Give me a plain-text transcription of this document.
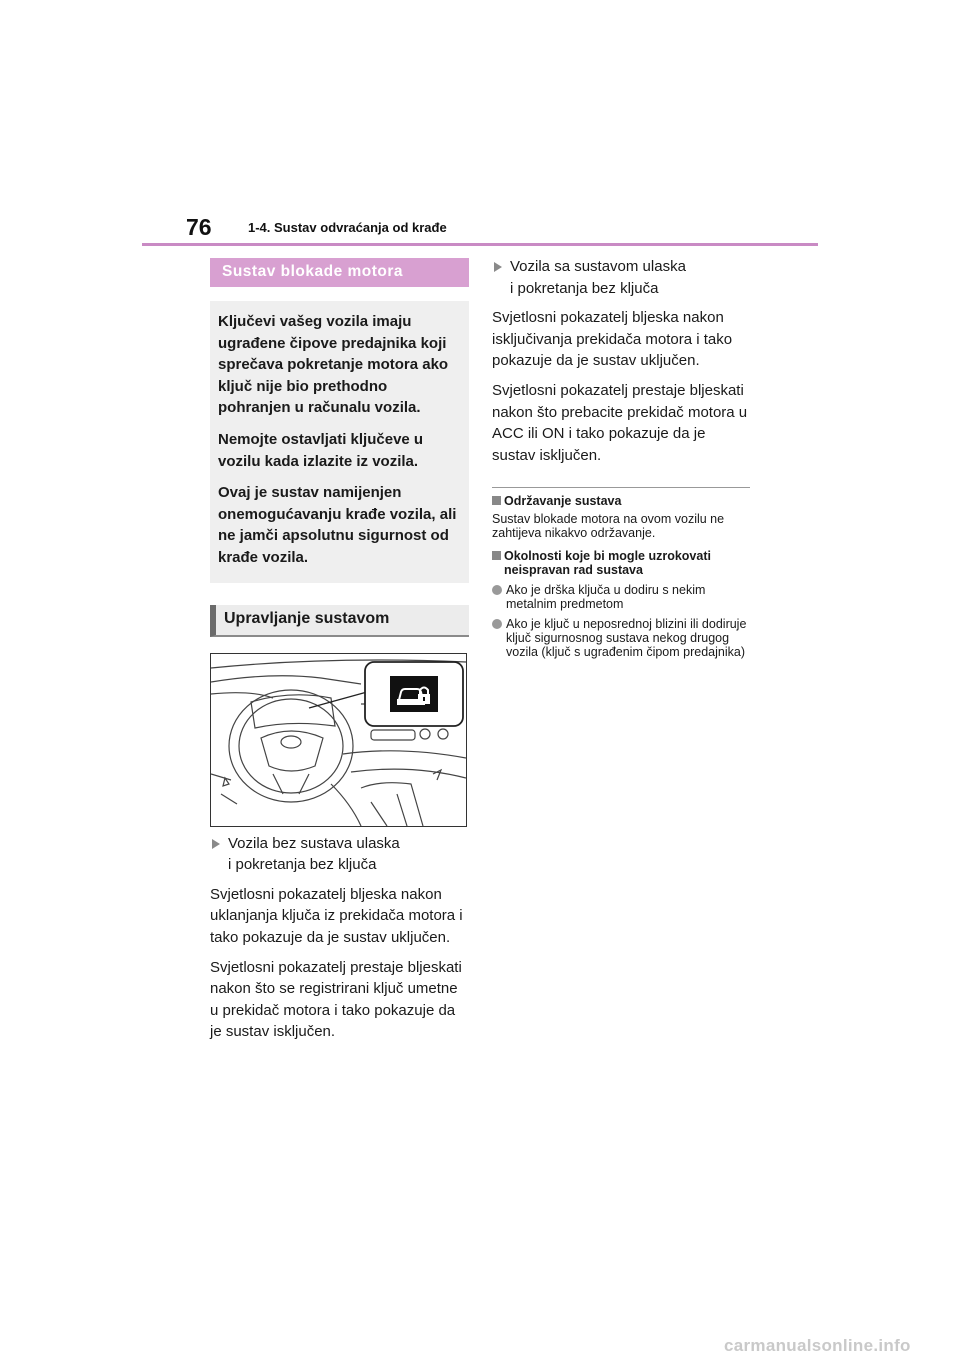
76	1-4. Sustav odvraćanja od krađe
Sustav blokade motora

Ključevi vašeg vozila imaju ugrađene čipove predajnika koji sprečava pokretanje motora ako ključ nije bio prethodno pohranjen u računalu vozila.

Nemojte ostavljati ključeve u vozilu kada izlazite iz vozila.

Ovaj je sustav namijenjen onemogućavanju krađe vozila, ali ne jamči apsolutnu sigurnost od krađe vozila.

Upravljanje sustavom
Vozila bez sustava ulaska
i pokretanja bez ključa

Svjetlosni pokazatelj bljeska nakon uklanjanja ključa iz prekidača motora i tako pokazuje da je sustav uključen.

Svjetlosni pokazatelj prestaje bljeskati nakon što se registrirani ključ umetne u prekidač motora i tako pokazuje da je sustav isključen.

Vozila sa sustavom ulaska
i pokretanja bez ključa

Svjetlosni pokazatelj bljeska nakon isključivanja prekidača motora i tako pokazuje da je sustav uključen.

Svjetlosni pokazatelj prestaje bljeskati nakon što prebacite prekidač motora u ACC ili ON i tako pokazuje da je sustav isključen.

Održavanje sustava
Sustav blokade motora na ovom vozilu ne zahtijeva nikakvo održavanje.
Okolnosti koje bi mogle uzrokovati neispravan rad sustava
Ako je drška ključa u dodiru s nekim metalnim predmetom
Ako je ključ u neposrednoj blizini ili dodiruje ključ sigurnosnog sustava nekog drugog vozila (ključ s ugrađenim čipom predajnika)
carmanualsonline.info
